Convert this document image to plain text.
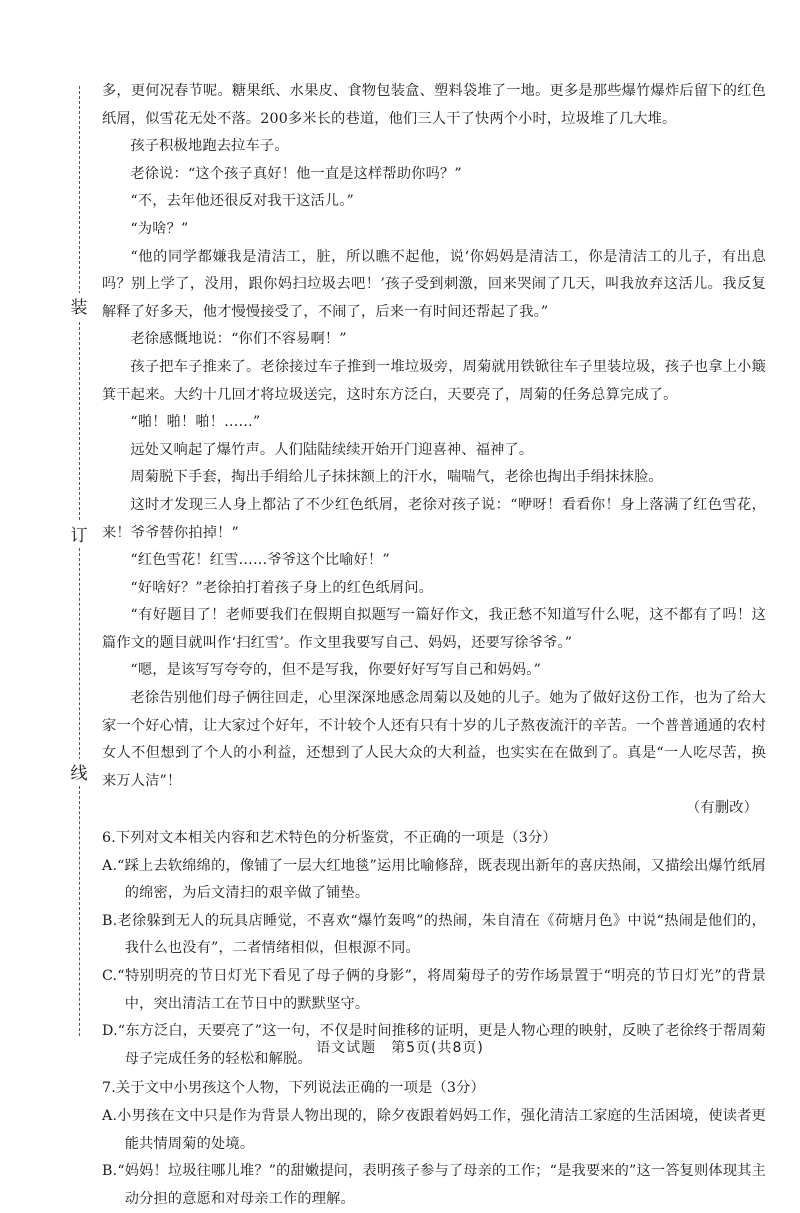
装
订
线

多，更何况春节呢。糖果纸、水果皮、食物包装盒、塑料袋堆了一地。更多是那些爆竹爆炸后留下的红色纸屑，似雪花无处不落。200多米长的巷道，他们三人干了快两个小时，垃圾堆了几大堆。

孩子积极地跑去拉车子。

老徐说：“这个孩子真好！他一直是这样帮助你吗？”

“不，去年他还很反对我干这活儿。”

“为啥？”

“他的同学都嫌我是清洁工，脏，所以瞧不起他，说‘你妈妈是清洁工，你是清洁工的儿子，有出息吗？别上学了，没用，跟你妈扫垃圾去吧！’孩子受到刺激，回来哭闹了几天，叫我放弃这活儿。我反复解释了好多天，他才慢慢接受了，不闹了，后来一有时间还帮起了我。”

老徐感慨地说：“你们不容易啊！”

孩子把车子推来了。老徐接过车子推到一堆垃圾旁，周菊就用铁锨往车子里装垃圾，孩子也拿上小簸箕干起来。大约十几回才将垃圾送完，这时东方泛白，天要亮了，周菊的任务总算完成了。

“啪！啪！啪！……”

远处又响起了爆竹声。人们陆陆续续开始开门迎喜神、福神了。

周菊脱下手套，掏出手绢给儿子抹抹额上的汗水，喘喘气，老徐也掏出手绢抹抹脸。

这时才发现三人身上都沾了不少红色纸屑，老徐对孩子说：“咿呀！看看你！身上落满了红色雪花，来！爷爷替你拍掉！”

“红色雪花！红雪……爷爷这个比喻好！”

“好啥好？”老徐拍打着孩子身上的红色纸屑问。

“有好题目了！老师要我们在假期自拟题写一篇好作文，我正愁不知道写什么呢，这不都有了吗！这篇作文的题目就叫作‘扫红雪’。作文里我要写自己、妈妈，还要写徐爷爷。”

“嗯，是该写写夸夸的，但不是写我，你要好好写写自己和妈妈。”

老徐告别他们母子俩往回走，心里深深地感念周菊以及她的儿子。她为了做好这份工作，也为了给大家一个好心情，让大家过个好年，不计较个人还有只有十岁的儿子熬夜流汗的辛苦。一个普普通通的农村女人不但想到了个人的小利益，还想到了人民大众的大利益，也实实在在做到了。真是“一人吃尽苦，换来万人洁”！

（有删改）

6.下列对文本相关内容和艺术特色的分析鉴赏，不正确的一项是（3分）

A.“踩上去软绵绵的，像铺了一层大红地毯”运用比喻修辞，既表现出新年的喜庆热闹，又描绘出爆竹纸屑的绵密，为后文清扫的艰辛做了铺垫。

B.老徐躲到无人的玩具店睡觉，不喜欢“爆竹轰鸣”的热闹，朱自清在《荷塘月色》中说“热闹是他们的，我什么也没有”，二者情绪相似，但根源不同。

C.“特别明亮的节日灯光下看见了母子俩的身影”，将周菊母子的劳作场景置于“明亮的节日灯光”的背景中，突出清洁工在节日中的默默坚守。

D.“东方泛白，天要亮了”这一句，不仅是时间推移的证明，更是人物心理的映射，反映了老徐终于帮周菊母子完成任务的轻松和解脱。

7.关于文中小男孩这个人物，下列说法正确的一项是（3分）

A.小男孩在文中只是作为背景人物出现的，除夕夜跟着妈妈工作，强化清洁工家庭的生活困境，使读者更能共情周菊的处境。

B.“妈妈！垃圾往哪儿堆？”的甜嫩提问，表明孩子参与了母亲的工作；“是我要来的”这一答复则体现其主动分担的意愿和对母亲工作的理解。

语文试题　第5页(共8页)
